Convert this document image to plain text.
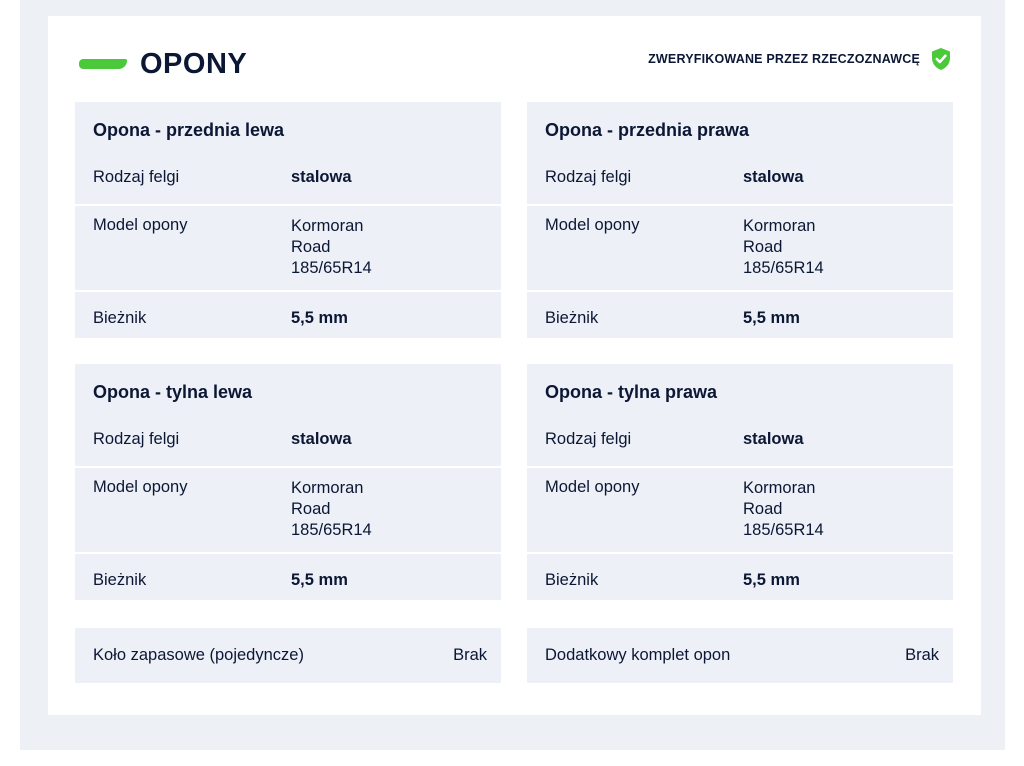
OPONY	ZWERYFIKOWANE PRZEZ RZECZOZNAWCĘ
Opona - przednia lewa
Rodzaj felgi	stalowa
Model opony	Kormoran
Road
185/65R14
Bieżnik	5,5 mm
Opona - przednia prawa
Rodzaj felgi	stalowa
Model opony	Kormoran
Road
185/65R14
Bieżnik	5,5 mm
Opona - tylna lewa
Rodzaj felgi	stalowa
Model opony	Kormoran
Road
185/65R14
Bieżnik	5,5 mm
Opona - tylna prawa
Rodzaj felgi	stalowa
Model opony	Kormoran
Road
185/65R14
Bieżnik	5,5 mm
Koło zapasowe (pojedyncze)	Brak	Dodatkowy komplet opon	Brak
